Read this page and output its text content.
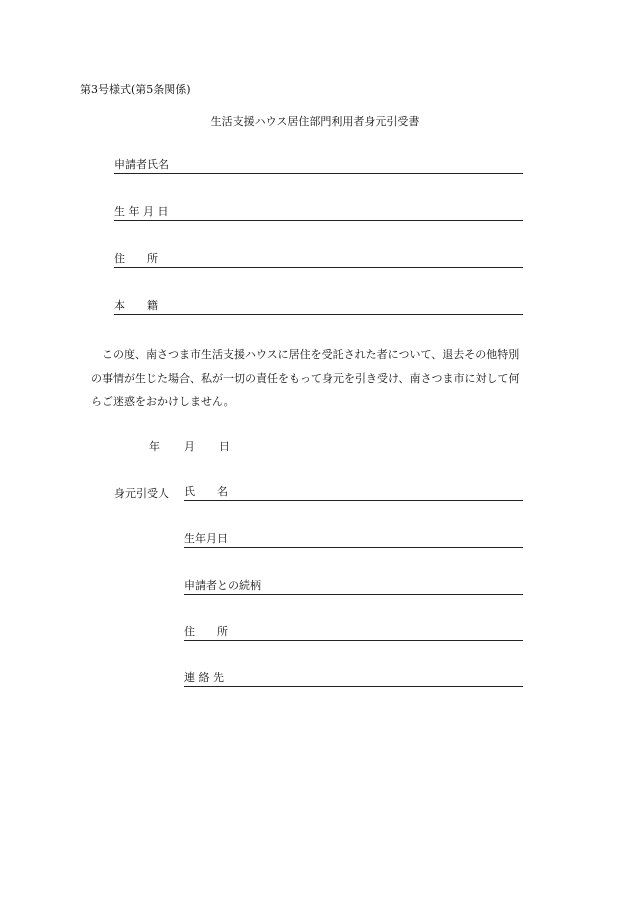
第3号様式(第5条関係)
生活支援ハウス居住部門利用者身元引受書
申請者氏名
生 年 月 日
住　　所
本　　籍

　この度、南さつま市生活支援ハウスに居住を受託された者について、退去その他特別

の事情が生じた場合、私が一切の責任をもって身元を引き受け、南さつま市に対して何

らご迷惑をおかけしません。

年 月 日
身元引受人 氏　　名
生年月日
申請者との続柄
住　　所
連 絡 先
